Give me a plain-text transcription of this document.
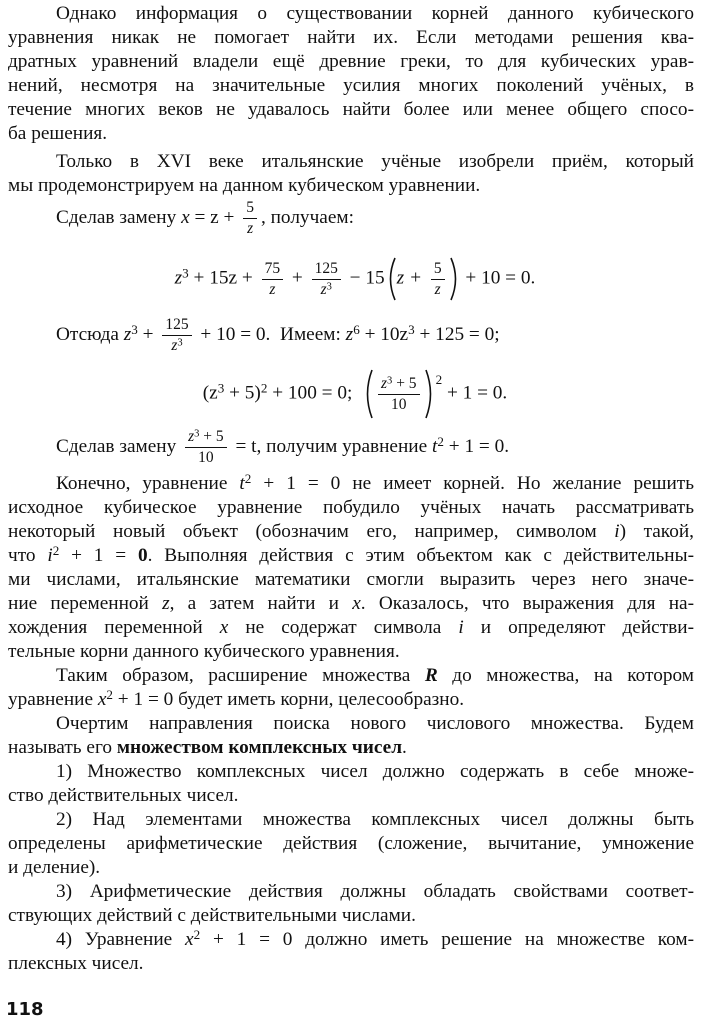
Однако информация о существовании корней данного кубического

уравнения никак не помогает найти их. Если методами решения ква-

дратных уравнений владели ещё древние греки, то для кубических урав-

нений, несмотря на значительные усилия многих поколений учёных, в

течение многих веков не удавалось найти более или менее общего спосо-

ба решения.

Только в XVI веке итальянские учёные изобрели приём, который

мы продемонстрируем на данном кубическом уравнении.

Сделав замену $x = z + \frac{5}{z}$ , получаем:
$z^3 + 15z + \frac{75}{z} + \frac{125}{z^3} - 15$ $z + \frac{5}{z} + 10 = 0$.
Отсюда $z^3 + \frac{125}{z^3} + 10 = 0$. Имеем: $z^6 + 10z^3 + 125 = 0$;
$(z^3 + 5)^2 + 100 = 0$; $\frac{z^3 + 5}{10} ^2 + 1 = 0$.
Сделав замену $\frac{z^3 + 5}{10} = t$, получим уравнение $t^2 + 1 = 0$.

Конечно, уравнение $t^2 + 1 = 0$ не имеет корней. Но желание решить

исходное кубическое уравнение побудило учёных начать рассматривать

некоторый новый объект (обозначим его, например, символом i) такой,

что $i^2 + 1 = 0$. Выполняя действия с этим объектом как с действительны-

ми числами, итальянские математики смогли выразить через него значе-

ние переменной z, а затем найти и x. Оказалось, что выражения для на-

хождения переменной x не содержат символа i и определяют действи-

тельные корни данного кубического уравнения.

Таким образом, расширение множества R до множества, на котором

уравнение $x^2 + 1 = 0$ будет иметь корни, целесообразно.

Очертим направления поиска нового числового множества. Будем

называть его множеством комплексных чисел.

1) Множество комплексных чисел должно содержать в себе множе-

ство действительных чисел.

2) Над элементами множества комплексных чисел должны быть

определены арифметические действия (сложение, вычитание, умножение

и деление).

3) Арифметические действия должны обладать свойствами соответ-

ствующих действий с действительными числами.

4) Уравнение $x^2 + 1 = 0$ должно иметь решение на множестве ком-

плексных чисел.

118
